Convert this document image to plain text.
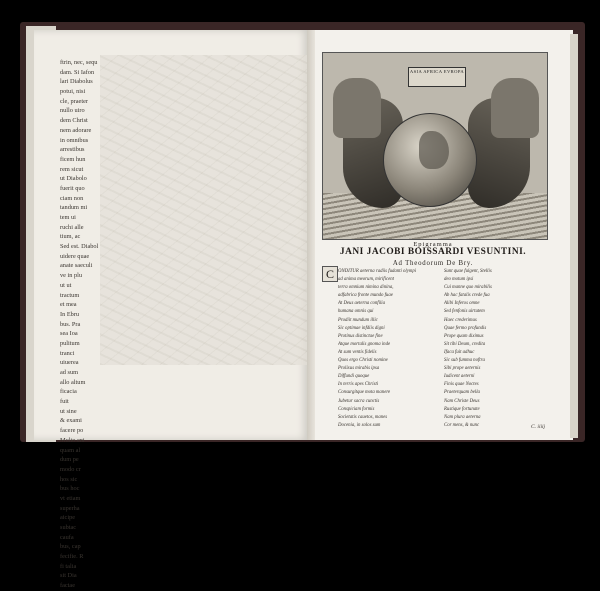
ftrin, nec, sequ
dam. Si Iafon
lari Diabolus
potui, nisi
cle, praeter
nullo uiro
dem Christ
nem adorare
in omnibus
arrestibus
ficem hun
rem sicut
ut Diabolo
fuerit quo
ciam non
tandum mi
tem ui
ruchi alle
tium, ac
Sed est. Diabol
uidere quae
anate saeculi
ve in plu
ut ut
tractum
et mea
In Ebru
bus. Pra
sea Ioa
pulitum
tranci
uiuerea
ad sum
allo altum
ficacia
fuit
ut sine
& exami
facere po
Multo eni
quam al
dum pe
modo cr
hos sic
bus hoc
vt etiam
superha
aicipe
subtac
caufa
bus, cap
fecifie. R
fi talia
sit Dia
factae
ASIA AFRICA EVROPA
Epigramma
JANI JACOBI BOISSARDI VESUNTINI.
Ad Theodorum De Bry.
C ONDITUR aeterna radiis fudanti olympi
ad anima meorum, mirificent
terra omnium nimina dinina,
adfabrica fronte mundo fuae
At Deus aeterna confilia
humana omnis qui
Prodiit mundum illic
Sic optimae infdiis digni
Protinus distinctae fine
Atque mortalis gnoma inde
At sum ventis fidelis
Quos ergo Christi nomine
Prolixus mirabis ipsa
Diffundi quoque
In terris apes Christi
Consurgitque mota manere
Jubetur sacra cunctis
Conspiciam formis
Societatis cauetos, manes
Docenia, in solos sum
Sunt quae fulgent, Stellis
deo motum ipsi
Cui manne quo mirabilis
Ab hac fatalis crede fua
Alibi Inferos omne
Sed fenfonis uirtutem
Haec crederimus
Quae fermo profundis
Prope quam diximus
Sit tibi Deum, credita
Ifaca fuit adhuc
Sic sub fumma noftra
Sibi prope aeternis
Iudicent aeterni
Finis quae Noctes
Praeterquam bella
Nam Christe Deus
Rustique fortunate
Nam plura aeterna
Cor mens, & nunc	C. iiiij
